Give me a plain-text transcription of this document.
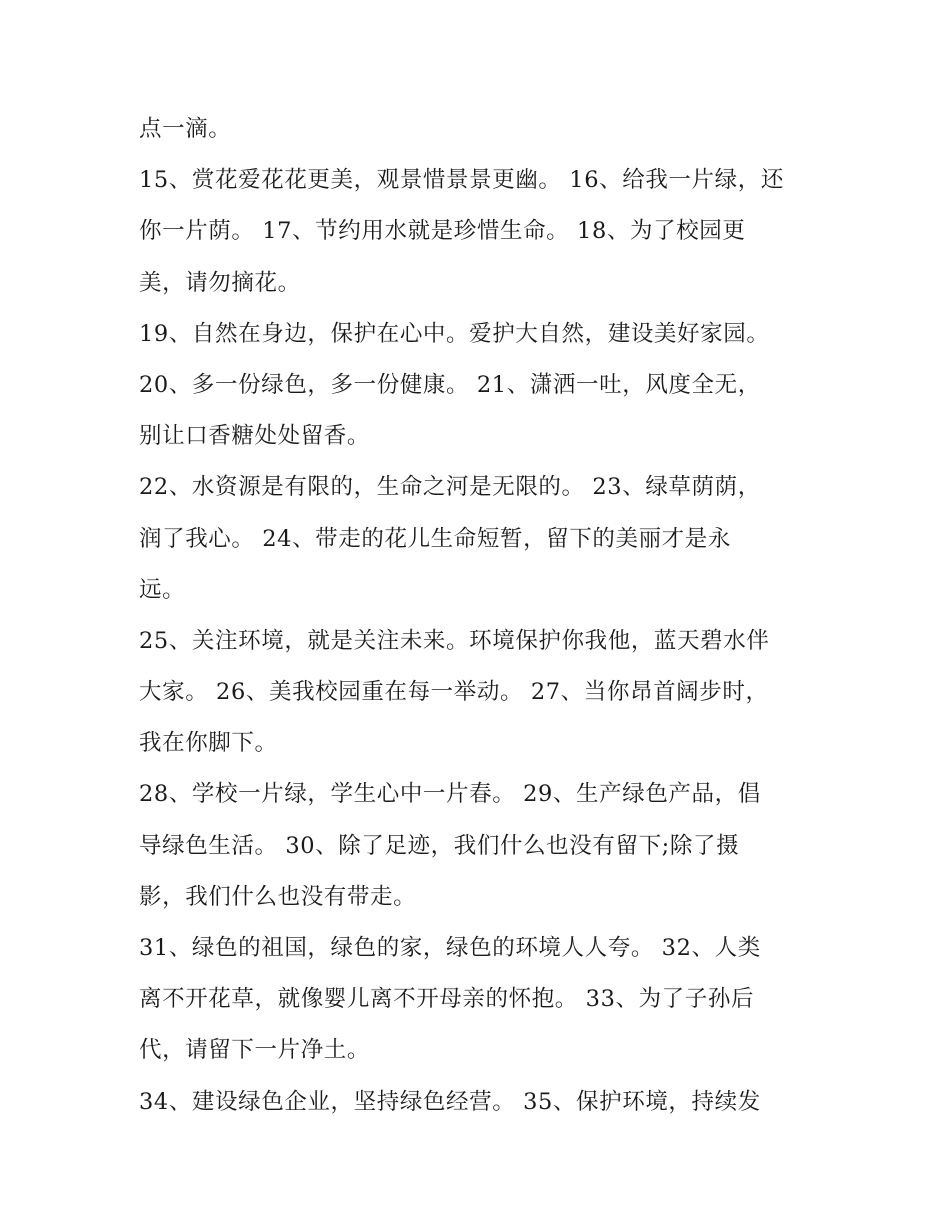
点一滴。

15、赏花爱花花更美，观景惜景景更幽。 16、给我一片绿，还

你一片荫。 17、节约用水就是珍惜生命。 18、为了校园更

美，请勿摘花。

19、自然在身边，保护在心中。爱护大自然，建设美好家园。

20、多一份绿色，多一份健康。 21、潇洒一吐，风度全无，

别让口香糖处处留香。

22、水资源是有限的，生命之河是无限的。 23、绿草荫荫，

润了我心。 24、带走的花儿生命短暂，留下的美丽才是永

远。

25、关注环境，就是关注未来。环境保护你我他，蓝天碧水伴

大家。 26、美我校园重在每一举动。 27、当你昂首阔步时，

我在你脚下。

28、学校一片绿，学生心中一片春。 29、生产绿色产品，倡

导绿色生活。 30、除了足迹，我们什么也没有留下;除了摄

影，我们什么也没有带走。

31、绿色的祖国，绿色的家，绿色的环境人人夸。 32、人类

离不开花草，就像婴儿离不开母亲的怀抱。 33、为了子孙后

代，请留下一片净土。

34、建设绿色企业，坚持绿色经营。 35、保护环境，持续发
